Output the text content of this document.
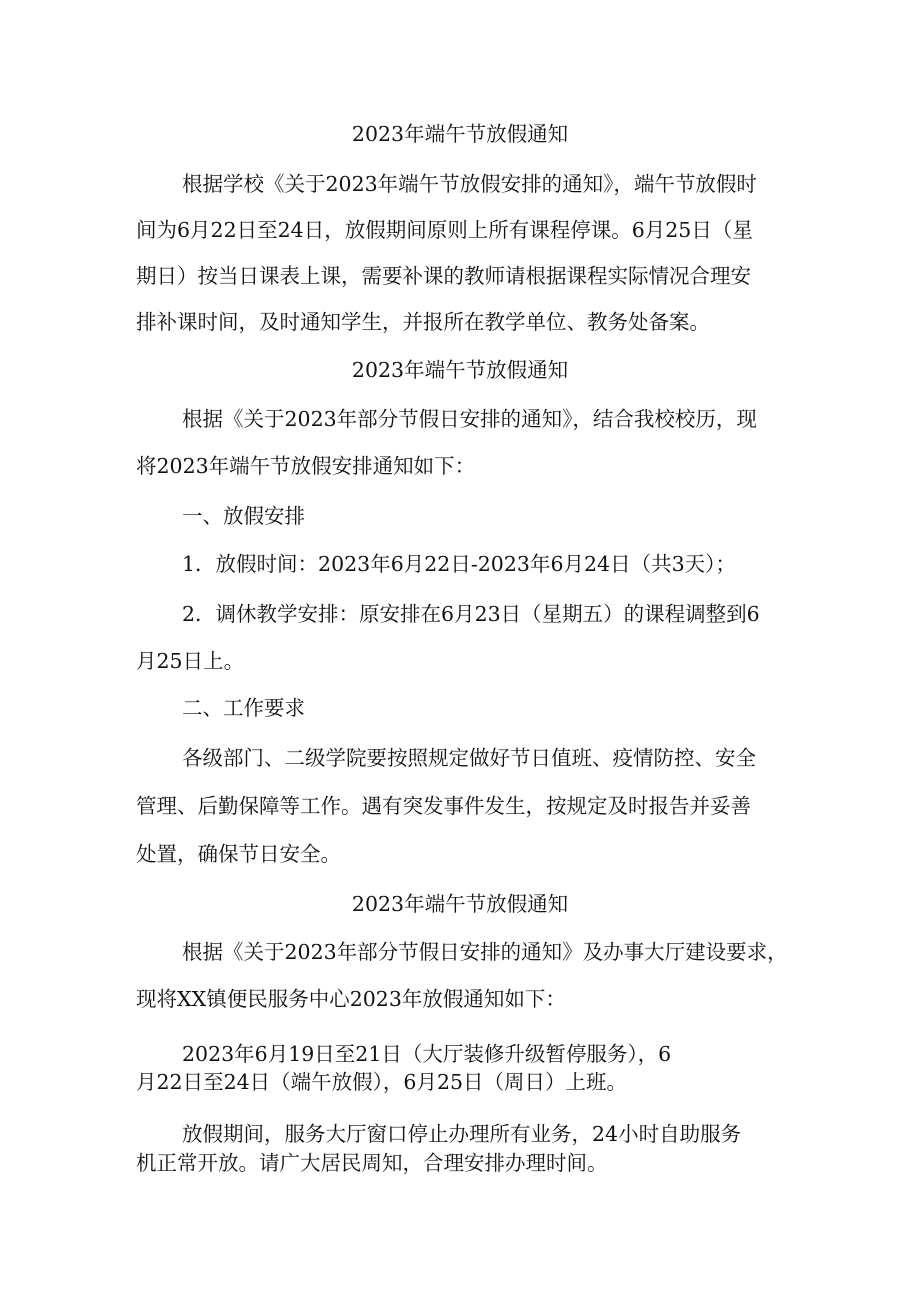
2023年端午节放假通知
根据学校《关于2023年端午节放假安排的通知》，端午节放假时
间为6月22日至24日，放假期间原则上所有课程停课。6月25日（星
期日）按当日课表上课，需要补课的教师请根据课程实际情况合理安
排补课时间，及时通知学生，并报所在教学单位、教务处备案。
2023年端午节放假通知
根据《关于2023年部分节假日安排的通知》，结合我校校历，现
将2023年端午节放假安排通知如下：
一、放假安排
1．放假时间：2023年6月22日-2023年6月24日（共3天）；
2．调休教学安排：原安排在6月23日（星期五）的课程调整到6
月25日上。
二、工作要求
各级部门、二级学院要按照规定做好节日值班、疫情防控、安全
管理、后勤保障等工作。遇有突发事件发生，按规定及时报告并妥善
处置，确保节日安全。
2023年端午节放假通知
根据《关于2023年部分节假日安排的通知》及办事大厅建设要求，
现将XX镇便民服务中心2023年放假通知如下：
2023年6月19日至21日（大厅装修升级暂停服务），6
月22日至24日（端午放假），6月25日（周日）上班。
放假期间，服务大厅窗口停止办理所有业务，24小时自助服务
机正常开放。请广大居民周知，合理安排办理时间。
